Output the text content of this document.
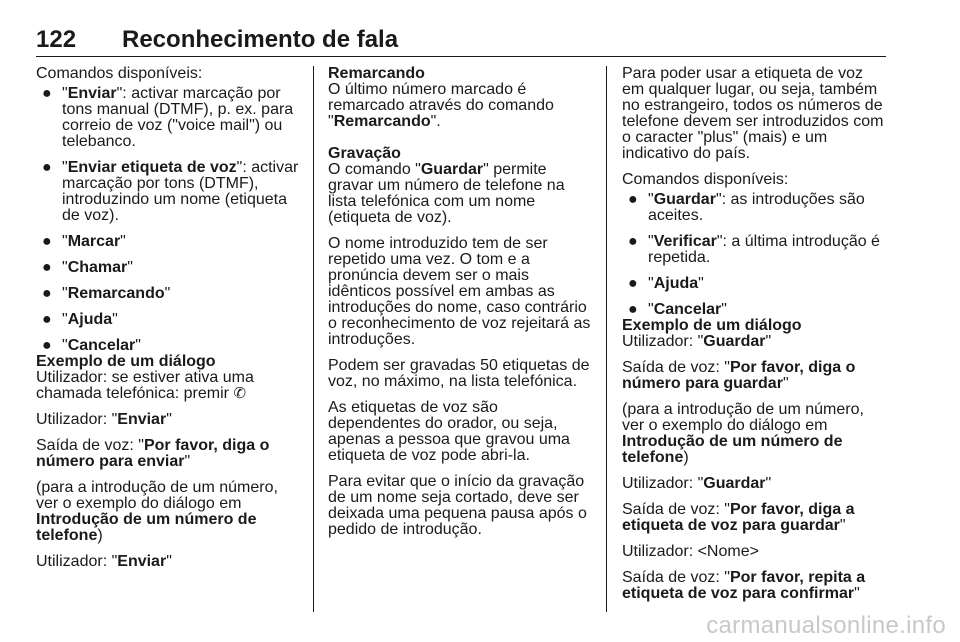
122 Reconhecimento de fala

Comandos disponíveis:

● "Enviar": activar marcação por tons manual (DTMF), p. ex. para correio de voz ("voice mail") ou telebanco.
● "Enviar etiqueta de voz": activar marcação por tons (DTMF), introduzindo um nome (etiqueta de voz).
● "Marcar"
● "Chamar"
● "Remarcando"
● "Ajuda"
● "Cancelar"

Exemplo de um diálogo

Utilizador: se estiver ativa uma chamada telefónica: premir ✆

Utilizador: "Enviar"

Saída de voz: "Por favor, diga o número para enviar"

(para a introdução de um número, ver o exemplo do diálogo em Introdução de um número de telefone)

Utilizador: "Enviar"

Remarcando

O último número marcado é remarcado através do comando "Remarcando".

Gravação

O comando "Guardar" permite gravar um número de telefone na lista telefónica com um nome (etiqueta de voz).

O nome introduzido tem de ser repetido uma vez. O tom e a pronúncia devem ser o mais idênticos possível em ambas as introduções do nome, caso contrário o reconhecimento de voz rejeitará as introduções.

Podem ser gravadas 50 etiquetas de voz, no máximo, na lista telefónica.

As etiquetas de voz são dependentes do orador, ou seja, apenas a pessoa que gravou uma etiqueta de voz pode abri-la.

Para evitar que o início da gravação de um nome seja cortado, deve ser deixada uma pequena pausa após o pedido de introdução.

Para poder usar a etiqueta de voz em qualquer lugar, ou seja, também no estrangeiro, todos os números de telefone devem ser introduzidos com o caracter "plus" (mais) e um indicativo do país.

Comandos disponíveis:

● "Guardar": as introduções são aceites.
● "Verificar": a última introdução é repetida.
● "Ajuda"
● "Cancelar"

Exemplo de um diálogo

Utilizador: "Guardar"

Saída de voz: "Por favor, diga o número para guardar"

(para a introdução de um número, ver o exemplo do diálogo em Introdução de um número de telefone)

Utilizador: "Guardar"

Saída de voz: "Por favor, diga a etiqueta de voz para guardar"

Utilizador: <Nome>

Saída de voz: "Por favor, repita a etiqueta de voz para confirmar"

carmanualsonline.info
